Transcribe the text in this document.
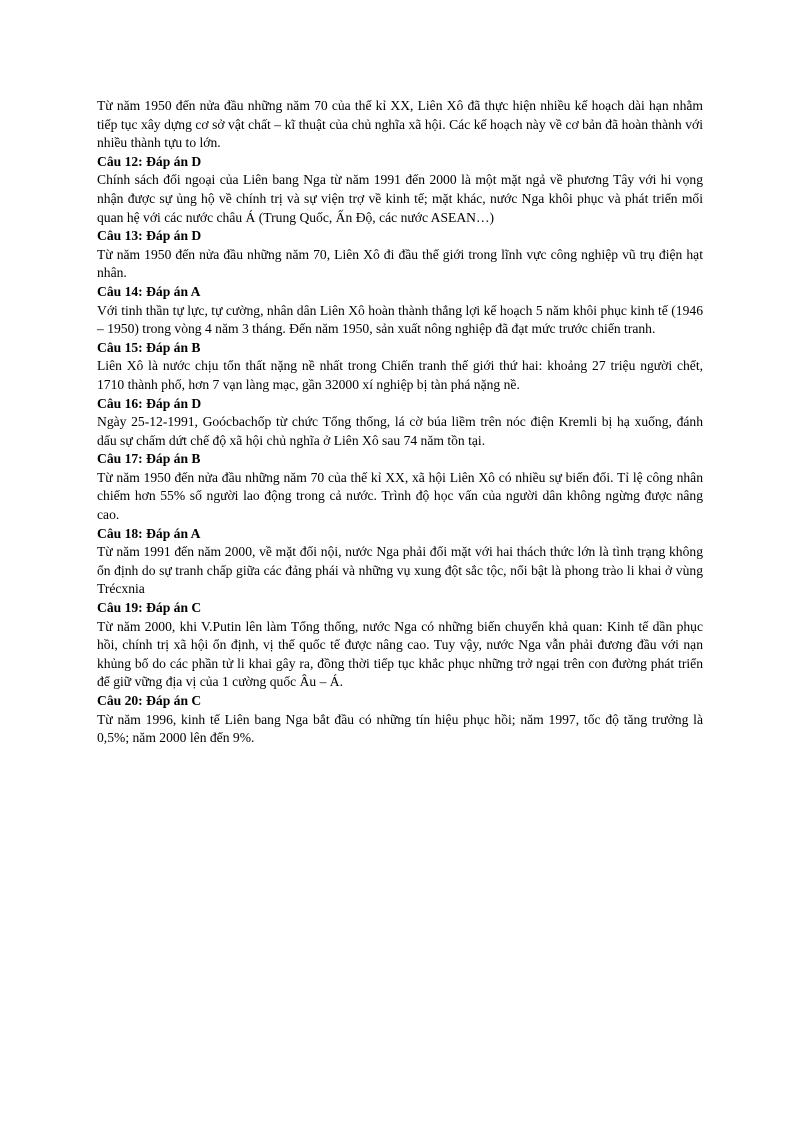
Từ năm 1950 đến nửa đầu những năm 70 của thế kỉ XX, Liên Xô đã thực hiện nhiều kế hoạch dài hạn nhằm tiếp tục xây dựng cơ sở vật chất – kĩ thuật của chủ nghĩa xã hội. Các kế hoạch này về cơ bản đã hoàn thành với nhiều thành tựu to lớn.

Câu 12: Đáp án D

Chính sách đối ngoại của Liên bang Nga từ năm 1991 đến 2000 là một mặt ngả về phương Tây với hi vọng nhận được sự ủng hộ về chính trị và sự viện trợ về kinh tế; mặt khác, nước Nga khôi phục và phát triển mối quan hệ với các nước châu Á (Trung Quốc, Ấn Độ, các nước ASEAN…)

Câu 13: Đáp án D

Từ năm 1950 đến nửa đầu những năm 70, Liên Xô đi đầu thế giới trong lĩnh vực công nghiệp vũ trụ điện hạt nhân.

Câu 14: Đáp án A

Với tinh thần tự lực, tự cường, nhân dân Liên Xô hoàn thành thắng lợi kế hoạch 5 năm khôi phục kinh tế (1946 – 1950) trong vòng 4 năm 3 tháng. Đến năm 1950, sản xuất nông nghiệp đã đạt mức trước chiến tranh.

Câu 15: Đáp án B

Liên Xô là nước chịu tổn thất nặng nề nhất trong Chiến tranh thế giới thứ hai: khoảng 27 triệu người chết, 1710 thành phố, hơn 7 vạn làng mạc, gần 32000 xí nghiệp bị tàn phá nặng nề.

Câu 16: Đáp án D

Ngày 25-12-1991, Goócbachốp từ chức Tổng thống, lá cờ búa liềm trên nóc điện Kremli bị hạ xuống, đánh dấu sự chấm dứt chế độ xã hội chủ nghĩa ở Liên Xô sau 74 năm tồn tại.

Câu 17: Đáp án B

Từ năm 1950 đến nửa đầu những năm 70 của thế kỉ XX, xã hội Liên Xô có nhiều sự biến đổi. Tỉ lệ công nhân chiếm hơn 55% số người lao động trong cả nước. Trình độ học vấn của người dân không ngừng được nâng cao.

Câu 18: Đáp án A

Từ năm 1991 đến năm 2000, về mặt đối nội, nước Nga phải đối mặt với hai thách thức lớn là tình trạng không ổn định do sự tranh chấp giữa các đảng phái và những vụ xung đột sắc tộc, nổi bật là phong trào li khai ở vùng Trécxnia

Câu 19: Đáp án C

Từ năm 2000, khi V.Putin lên làm Tổng thống, nước Nga có những biến chuyển khả quan: Kinh tế dần phục hồi, chính trị xã hội ổn định, vị thế quốc tế được nâng cao. Tuy vậy, nước Nga vẫn phải đương đầu với nạn khủng bố do các phần tử li khai gây ra, đồng thời tiếp tục khắc phục những trở ngại trên con đường phát triển để giữ vững địa vị của 1 cường quốc Âu – Á.

Câu 20: Đáp án C

Từ năm 1996, kinh tế Liên bang Nga bắt đầu có những tín hiệu phục hồi; năm 1997, tốc độ tăng trưởng là 0,5%; năm 2000 lên đến 9%.
